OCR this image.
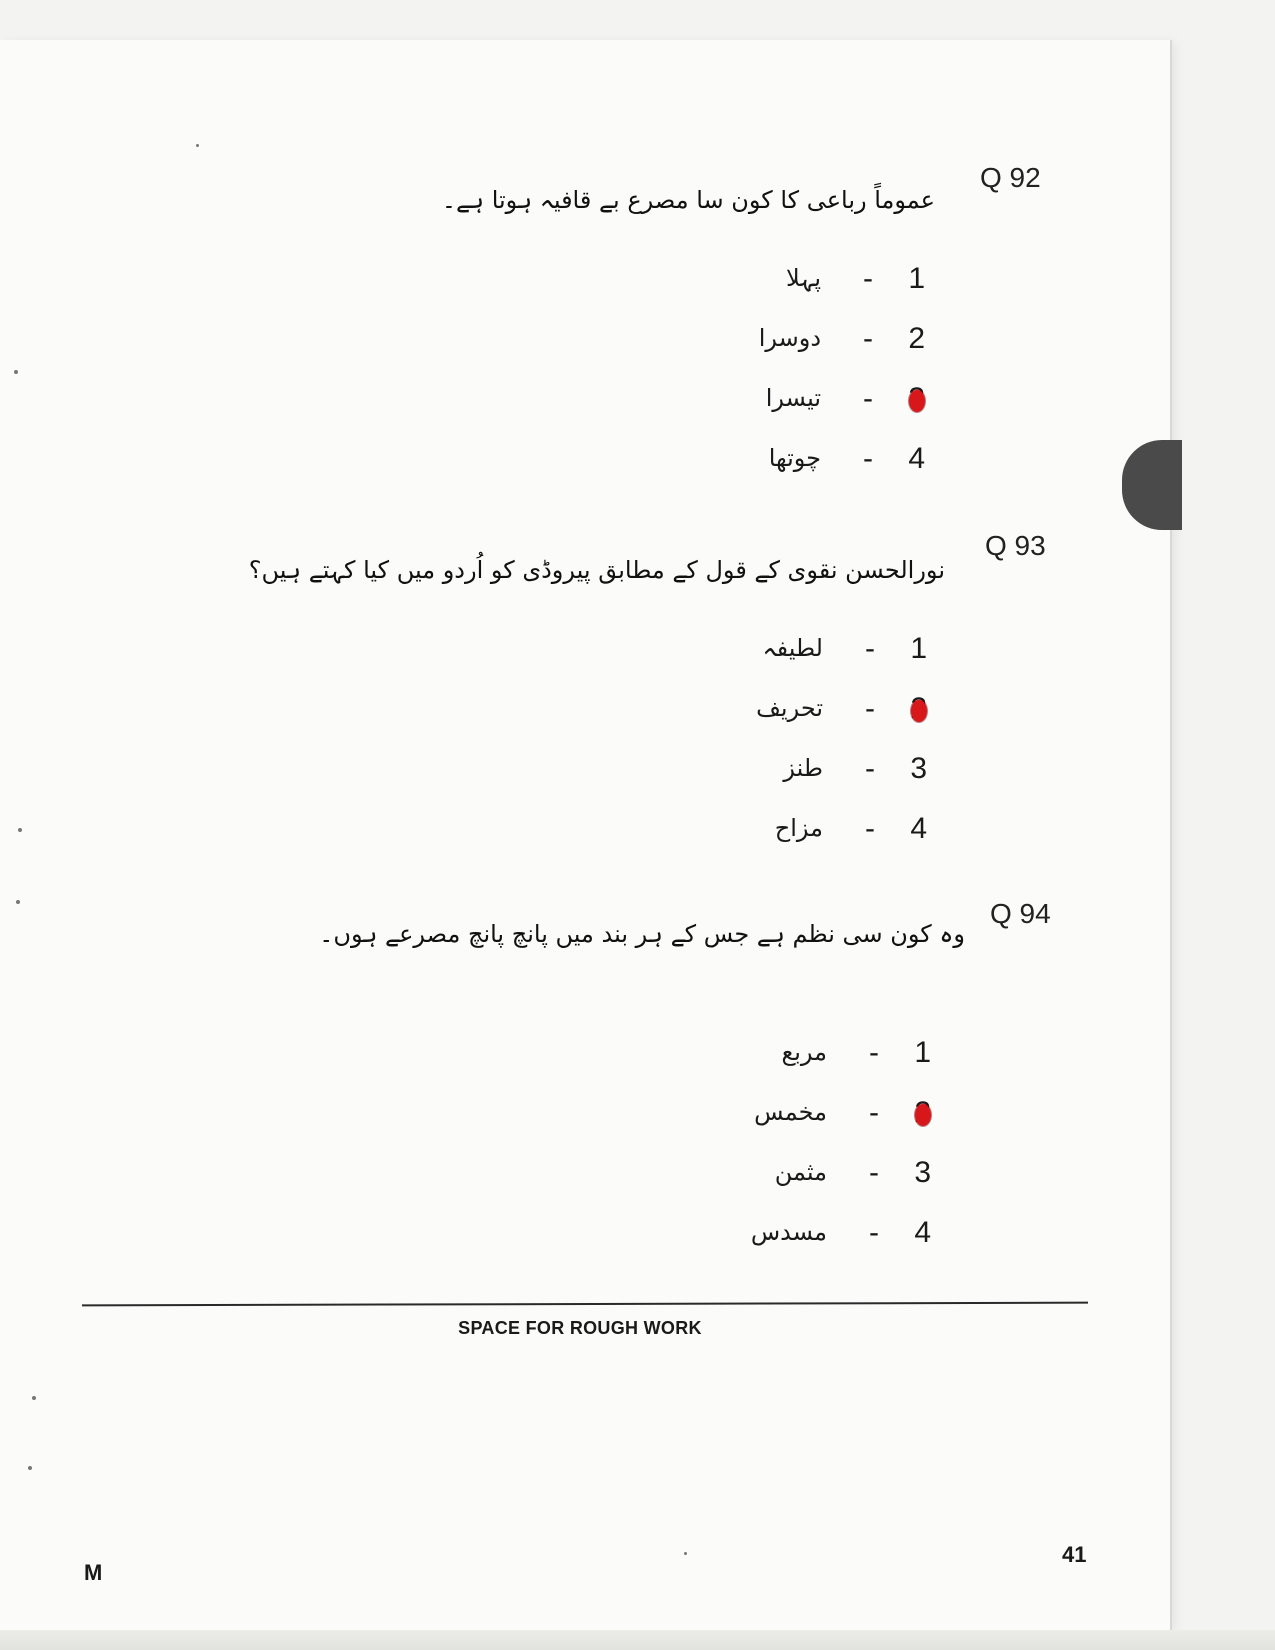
Q 92
عموماً رباعی کا کون سا مصرع بے قافیہ ہوتا ہے۔
پہلا - 1
دوسرا - 2
تیسرا -
چوتھا - 4
Q 93
نورالحسن نقوی کے قول کے مطابق پیروڈی کو اُردو میں کیا کہتے ہیں؟
لطیفہ - 1
تحریف -
طنز - 3
مزاح - 4
Q 94
وہ کون سی نظم ہے جس کے ہر بند میں پانچ پانچ مصرعے ہوں۔
مربع - 1
مخمس -
مثمن - 3
مسدس - 4
SPACE FOR ROUGH WORK
M
41
